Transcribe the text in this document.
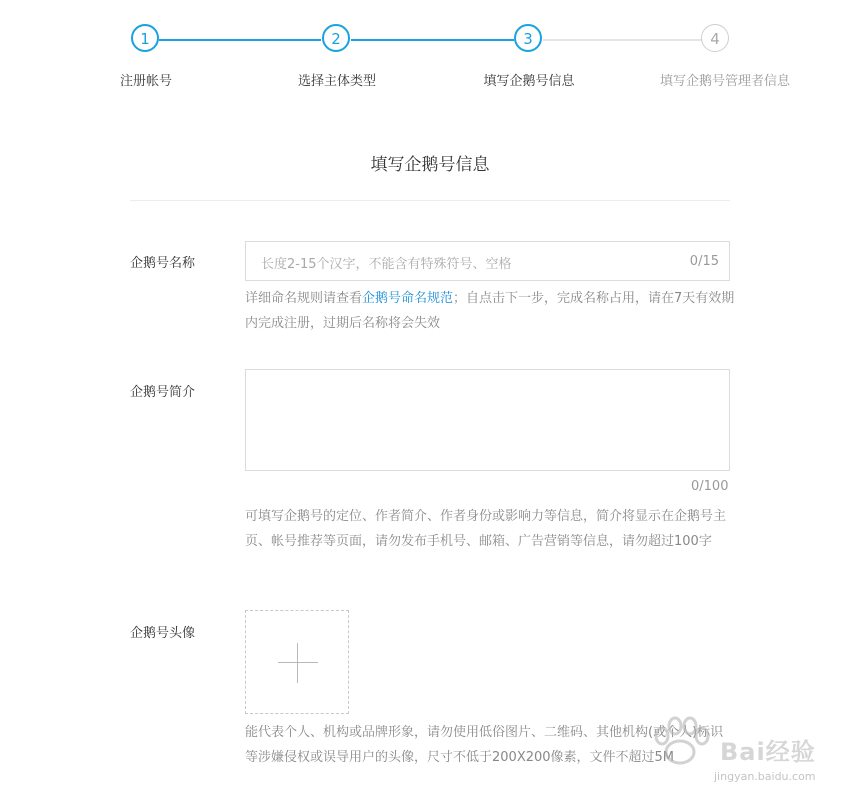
1	2	3	4
注册帐号	选择主体类型	填写企鹅号信息	填写企鹅号管理者信息
填写企鹅号信息
企鹅号名称	长度2-15个汉字，不能含有特殊符号、空格	0/15
详细命名规则请查看企鹅号命名规范；自点击下一步，完成名称占用，请在7天有效期内完成注册，过期后名称将会失效
企鹅号简介
0/100
可填写企鹅号的定位、作者简介、作者身份或影响力等信息，简介将显示在企鹅号主页、帐号推荐等页面，请勿发布手机号、邮箱、广告营销等信息，请勿超过100字
企鹅号头像
能代表个人、机构或品牌形象，请勿使用低俗图片、二维码、其他机构(或个人)标识等涉嫌侵权或误导用户的头像，尺寸不低于200X200像素，文件不超过5M	Bai经验
jingyan.baidu.com
